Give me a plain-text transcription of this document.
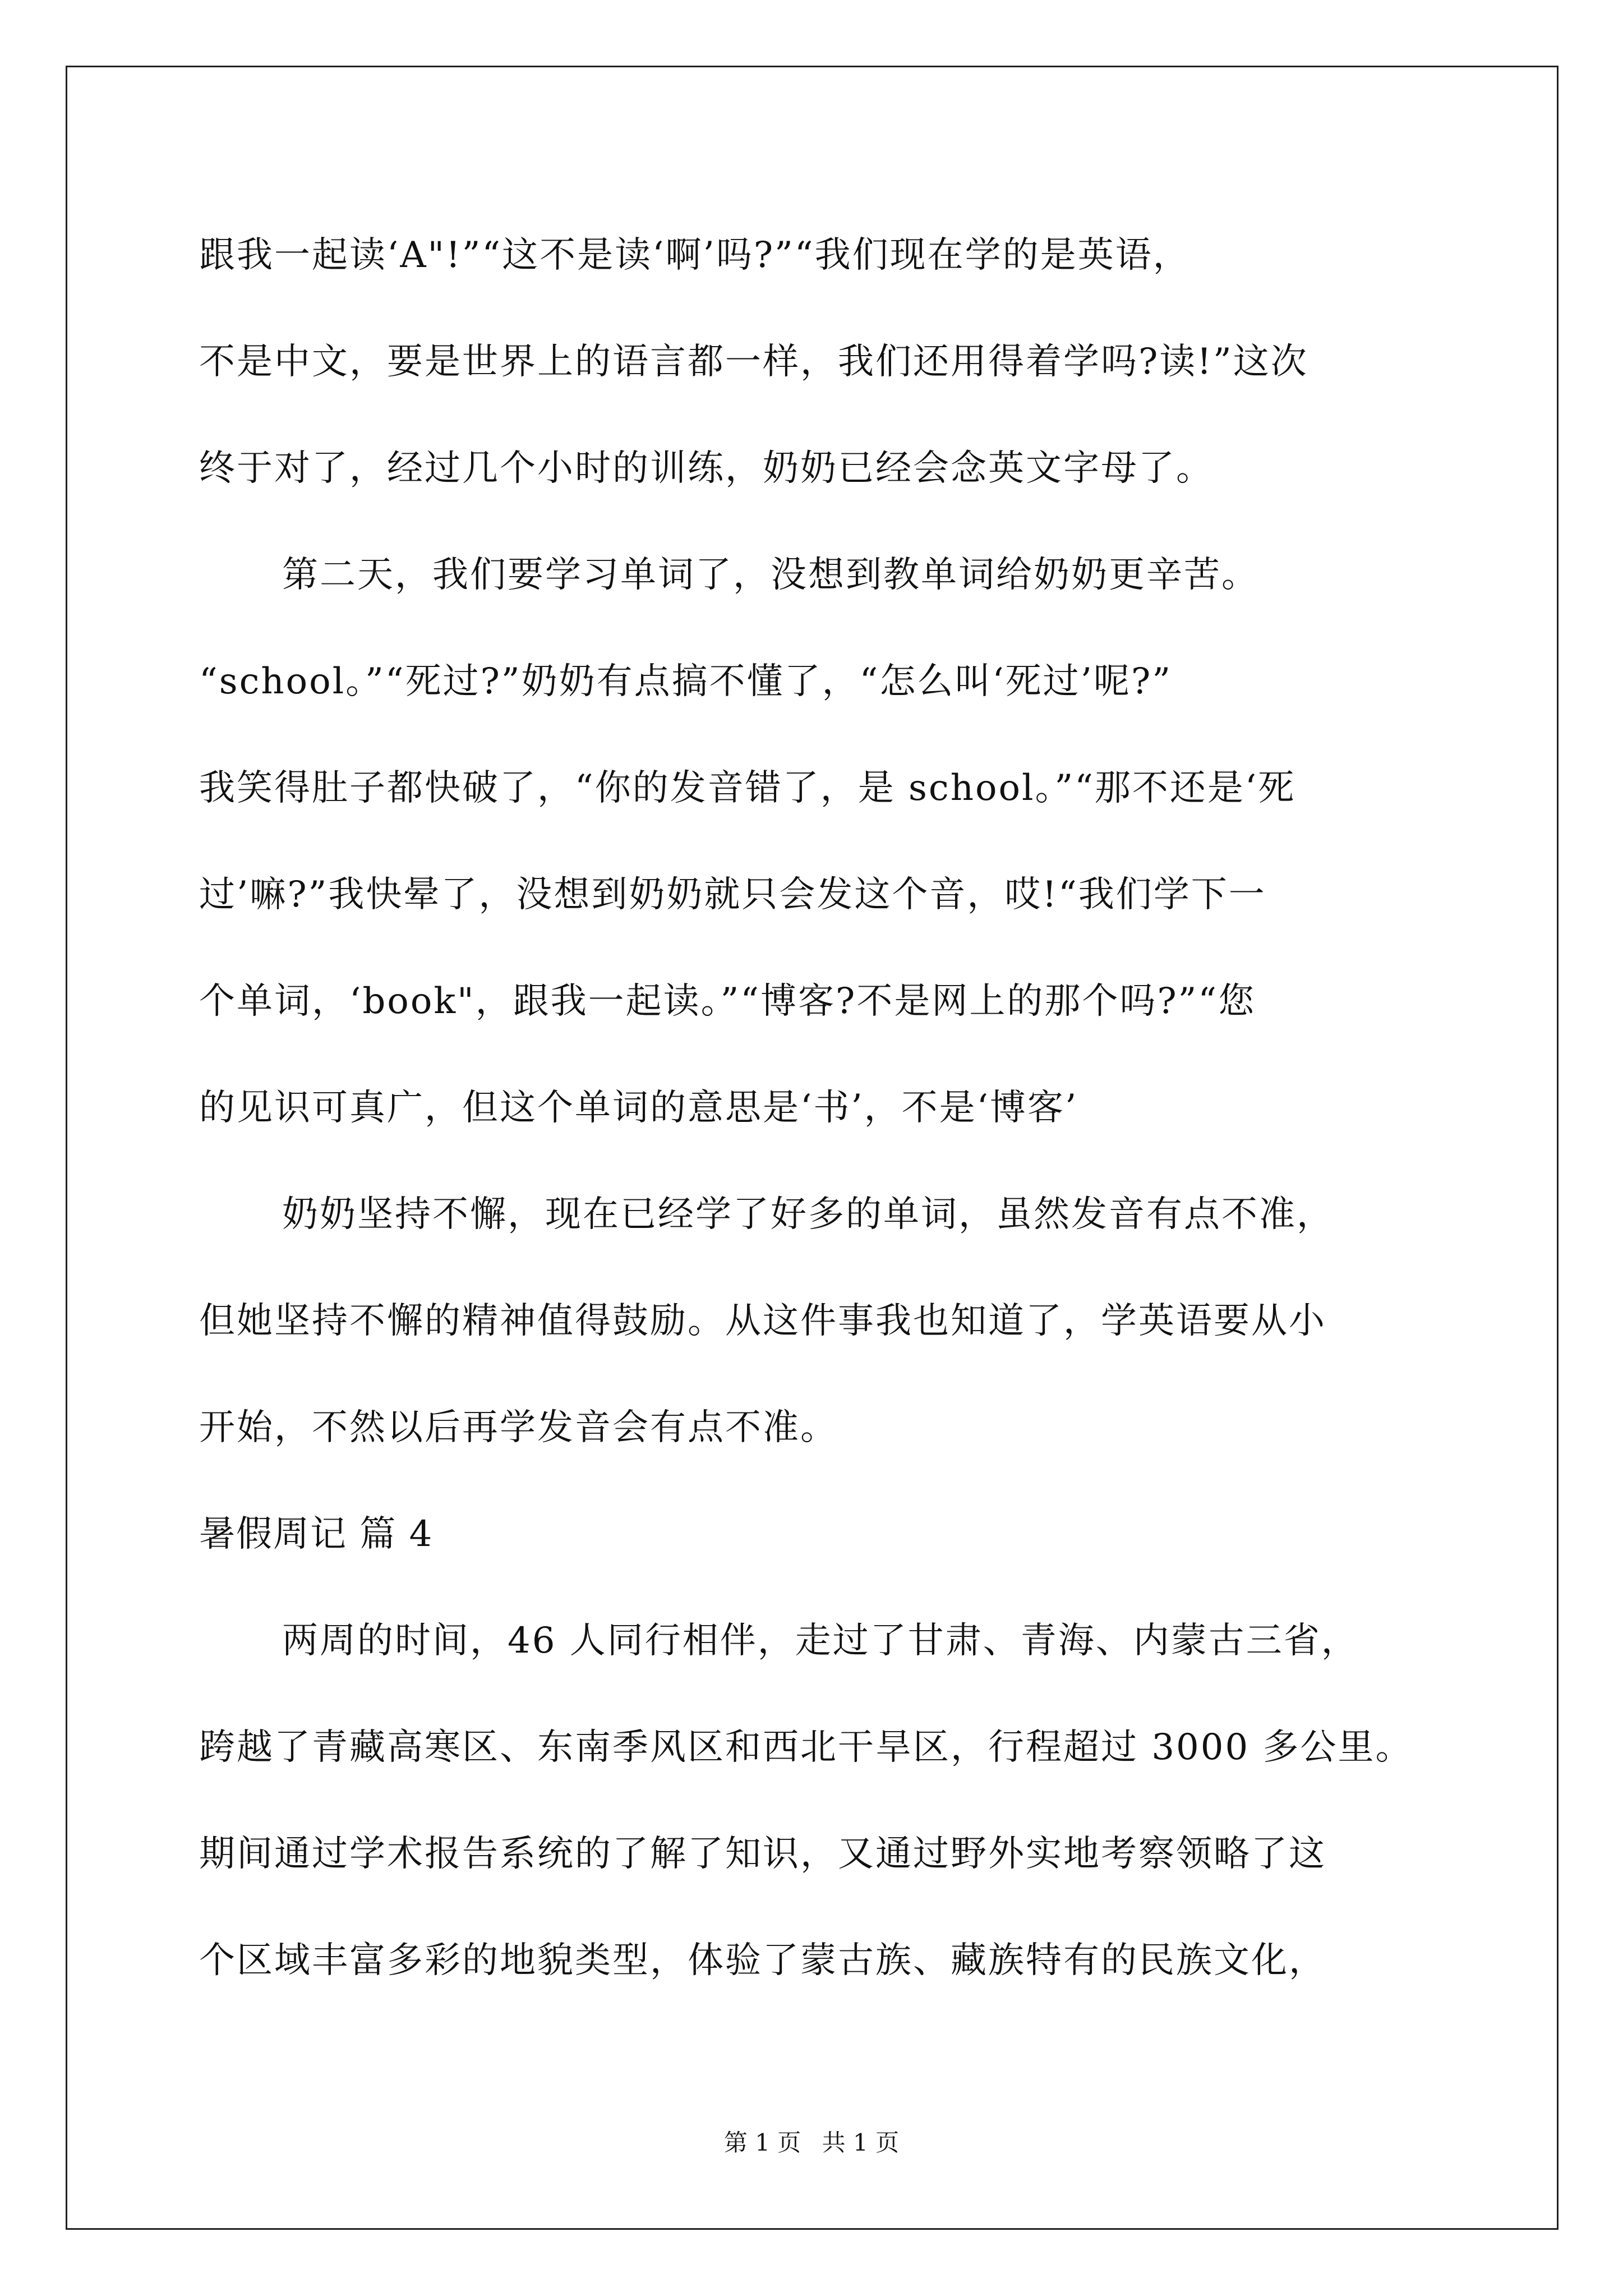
跟我一起读‘A"!”“这不是读‘啊’吗?”“我们现在学的是英语，
不是中文，要是世界上的语言都一样，我们还用得着学吗?读!”这次
终于对了，经过几个小时的训练，奶奶已经会念英文字母了。
第二天，我们要学习单词了，没想到教单词给奶奶更辛苦。
“school。”“死过?”奶奶有点搞不懂了，“怎么叫‘死过’呢?”
我笑得肚子都快破了，“你的发音错了，是 school。”“那不还是‘死
过’嘛?”我快晕了，没想到奶奶就只会发这个音，哎!“我们学下一
个单词，‘book"，跟我一起读。”“博客?不是网上的那个吗?”“您
的见识可真广，但这个单词的意思是‘书’，不是‘博客’
奶奶坚持不懈，现在已经学了好多的单词，虽然发音有点不准，
但她坚持不懈的精神值得鼓励。从这件事我也知道了，学英语要从小
开始，不然以后再学发音会有点不准。
暑假周记 篇 4
两周的时间，46 人同行相伴，走过了甘肃、青海、内蒙古三省，
跨越了青藏高寒区、东南季风区和西北干旱区，行程超过 3000 多公里。
期间通过学术报告系统的了解了知识，又通过野外实地考察领略了这
个区域丰富多彩的地貌类型，体验了蒙古族、藏族特有的民族文化，
第 1 页 共 1 页
